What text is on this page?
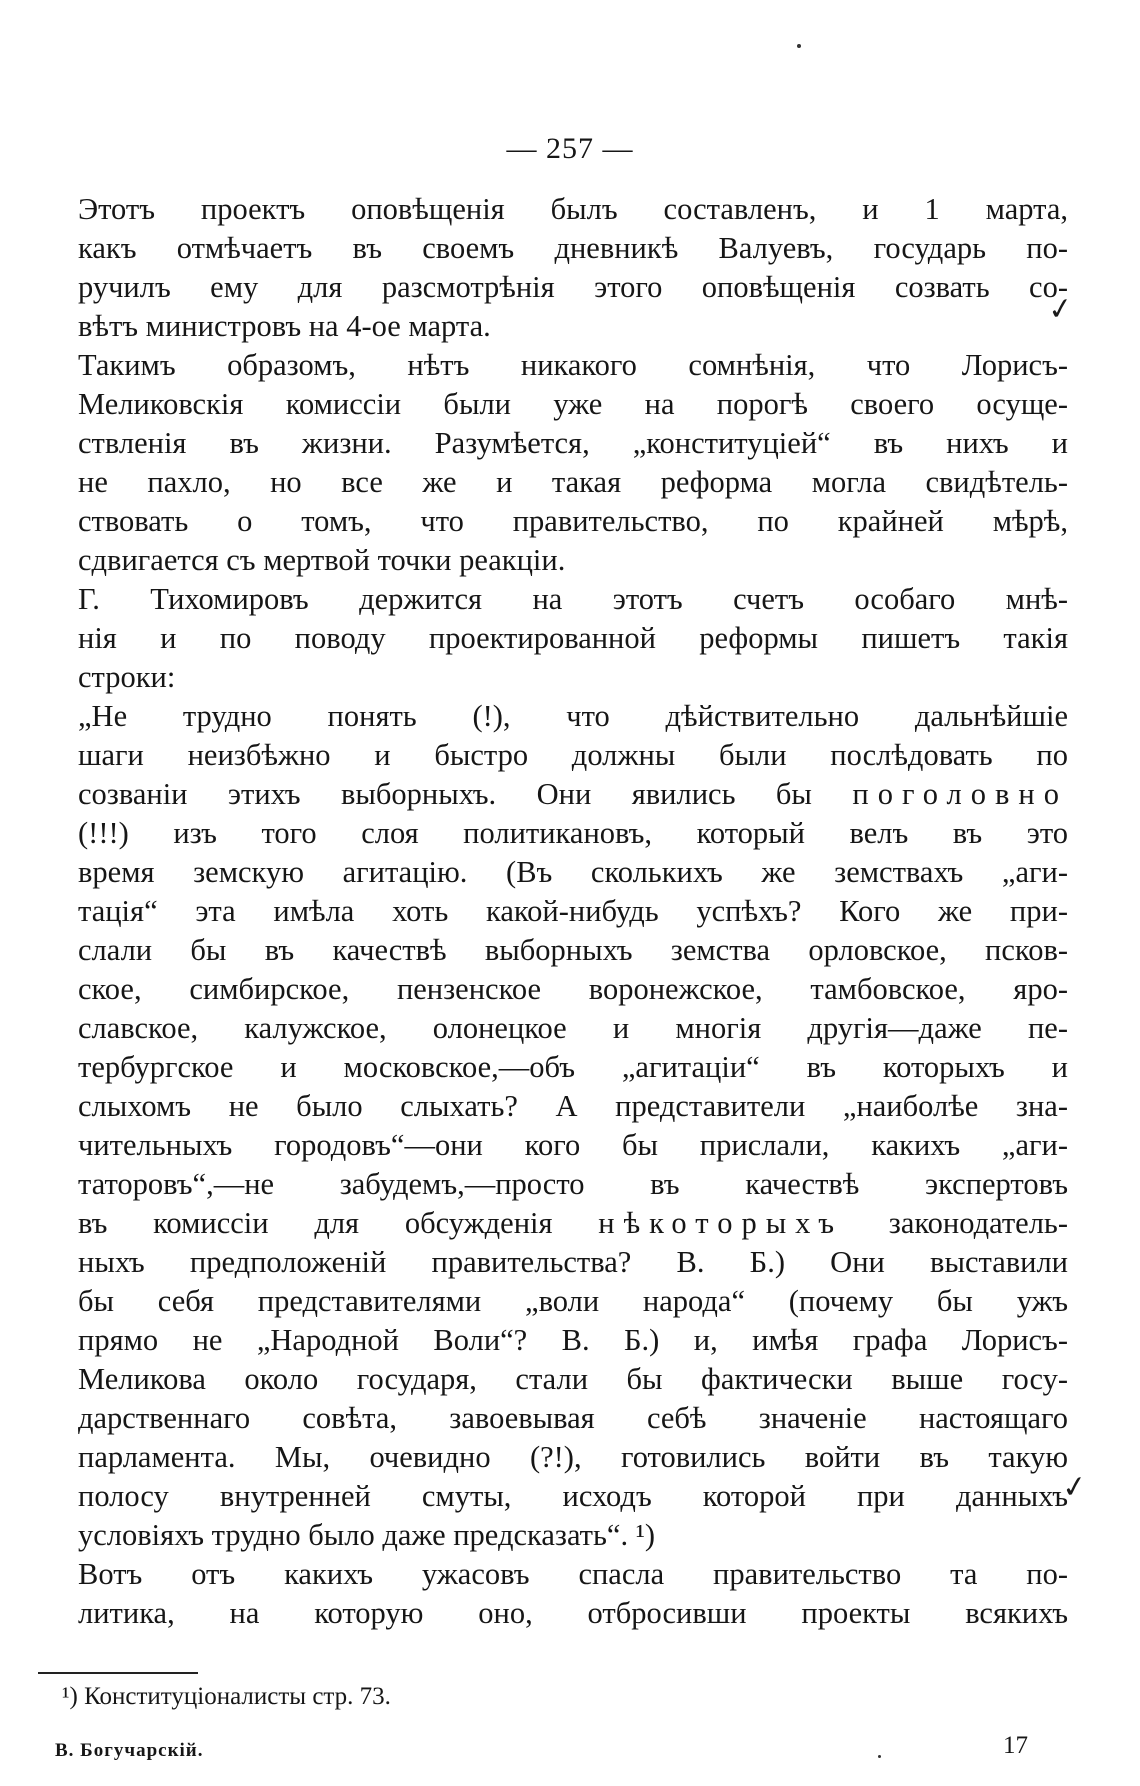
— 257 —

Этотъ проектъ оповѣщенія былъ составленъ, и 1 марта,

какъ отмѣчаетъ въ своемъ дневникѣ Валуевъ, государь по-

ручилъ ему для разсмотрѣнія этого оповѣщенія созвать со-

вѣтъ министровъ на 4-ое марта.

Такимъ образомъ, нѣтъ никакого сомнѣнія, что Лорисъ-

Меликовскія комиссіи были уже на порогѣ своего осуще-

ствленія въ жизни. Разумѣется, „конституціей“ въ нихъ и

не пахло, но все же и такая реформа могла свидѣтель-

ствовать о томъ, что правительство, по крайней мѣрѣ,

сдвигается съ мертвой точки реакціи.

Г. Тихомировъ держится на этотъ счетъ особаго мнѣ-

нія и по поводу проектированной реформы пишетъ такія

строки:

„Не трудно понять (!), что дѣйствительно дальнѣйшіе

шаги неизбѣжно и быстро должны были послѣдовать по

созваніи этихъ выборныхъ. Они явились бы поголовно

(!!!) изъ того слоя политикановъ, который велъ въ это

время земскую агитацію. (Въ сколькихъ же земствахъ „аги-

тація“ эта имѣла хоть какой-нибудь успѣхъ? Кого же при-

слали бы въ качествѣ выборныхъ земства орловское, псков-

ское, симбирское, пензенское воронежское, тамбовское, яро-

славское, калужское, олонецкое и многія другія—даже пе-

тербургское и московское,—объ „агитаціи“ въ которыхъ и

слыхомъ не было слыхать? А представители „наиболѣе зна-

чительныхъ городовъ“—они кого бы прислали, какихъ „аги-

таторовъ“,—не забудемъ,—просто въ качествѣ экспертовъ

въ комиссіи для обсужденія нѣкоторыхъ законодатель-

ныхъ предположеній правительства? В. Б.) Они выставили

бы себя представителями „воли народа“ (почему бы ужъ

прямо не „Народной Воли“? В. Б.) и, имѣя графа Лорисъ-

Меликова около государя, стали бы фактически выше госу-

дарственнаго совѣта, завоевывая себѣ значеніе настоящаго

парламента. Мы, очевидно (?!), готовились войти въ такую

полосу внутренней смуты, исходъ которой при данныхъ

условіяхъ трудно было даже предсказать“. ¹)

Вотъ отъ какихъ ужасовъ спасла правительство та по-

литика, на которую оно, отбросивши проекты всякихъ

✓
✓
¹) Конституціоналисты стр. 73.
В. Богучарскій.	17
